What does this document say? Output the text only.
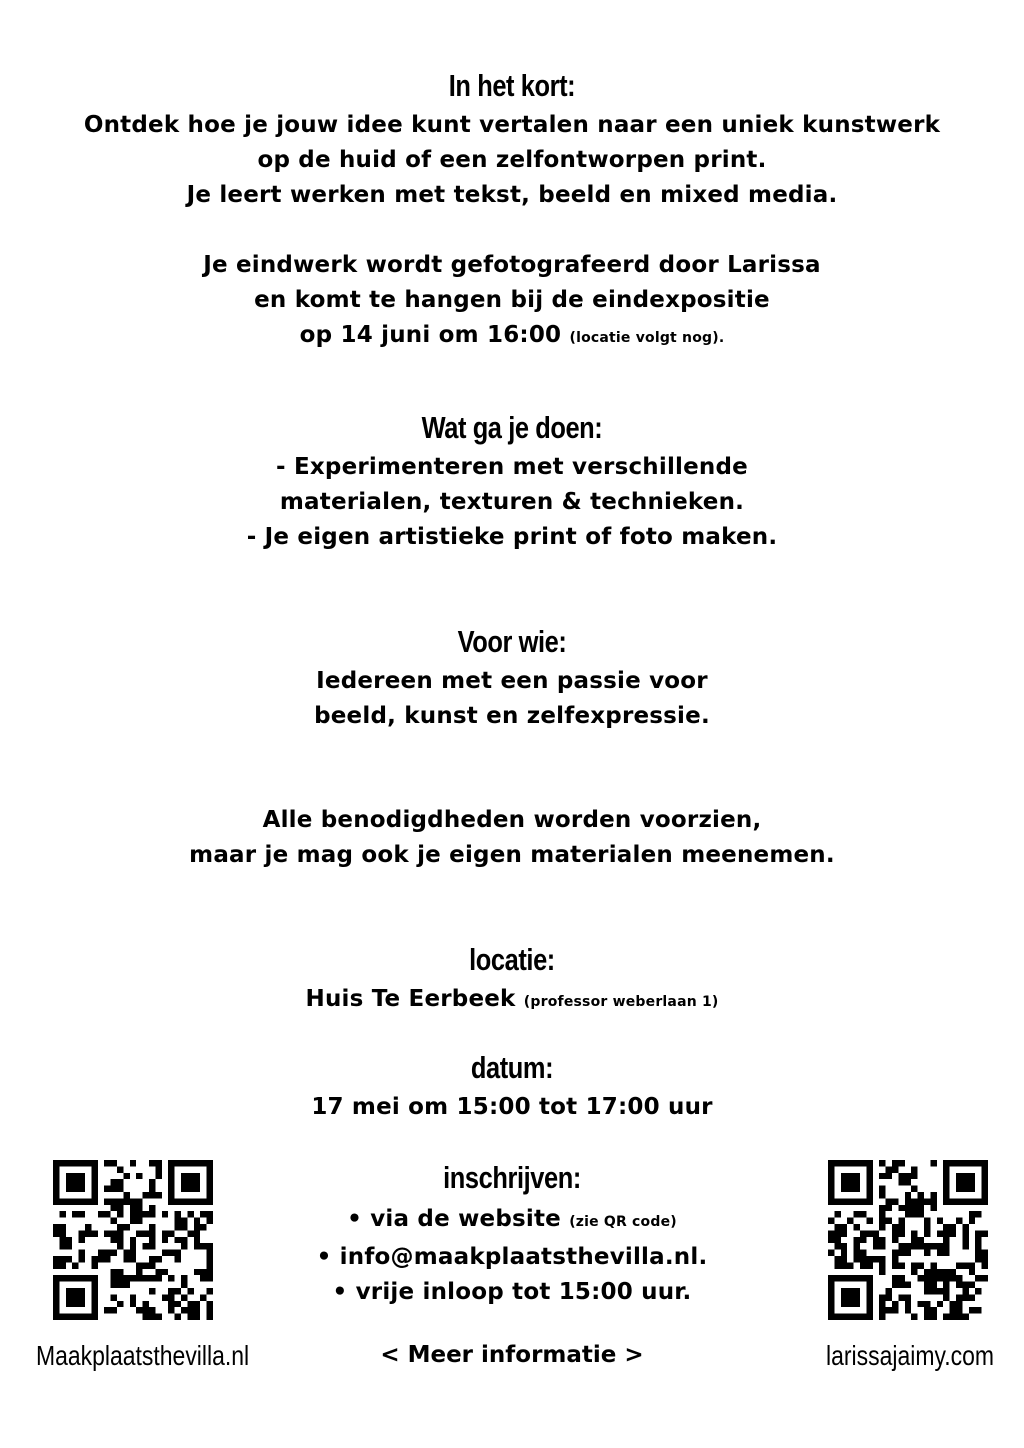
In het kort:
Ontdek hoe je jouw idee kunt vertalen naar een uniek kunstwerk
op de huid of een zelfontworpen print.
Je leert werken met tekst, beeld en mixed media.
Je eindwerk wordt gefotografeerd door Larissa
en komt te hangen bij de eindexpositie
op 14 juni om 16:00 (locatie volgt nog).
Wat ga je doen:
- Experimenteren met verschillende
materialen, texturen & technieken.
- Je eigen artistieke print of foto maken.
Voor wie:
Iedereen met een passie voor
beeld, kunst en zelfexpressie.
Alle benodigdheden worden voorzien,
maar je mag ook je eigen materialen meenemen.
locatie:
Huis Te Eerbeek (professor weberlaan 1)
datum:
17 mei om 15:00 tot 17:00 uur
inschrijven:
• via de website (zie QR code)
• info@maakplaatsthevilla.nl.
• vrije inloop tot 15:00 uur.
Maakplaatsthevilla.nl	larissajaimy.com
< Meer informatie >
